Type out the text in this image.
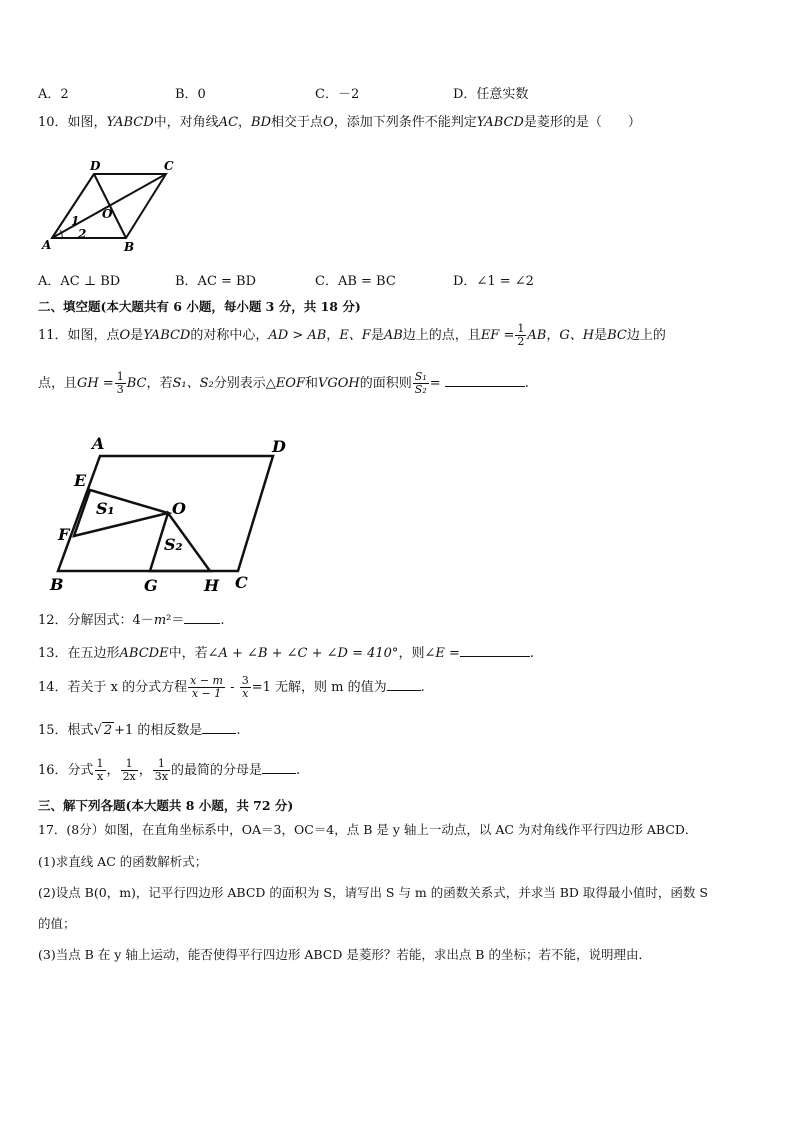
A．2	B．0	C．－2	D．任意实数
10．如图，YABCD中，对角线AC，BD相交于点O，添加下列条件不能判定YABCD是菱形的是（　　）
A	B
C
D
O
1
2
A．AC ⊥ BD	B．AC = BD	C．AB = BC	D．∠1 = ∠2
二、填空题(本大题共有 6 小题，每小题 3 分，共 18 分)
11．如图，点O是YABCD的对称中心，AD > AB，E、F是AB边上的点，且EF = $\frac{1}{2}$ AB，G、H是BC边上的
点，且GH = $\frac{1}{3}$ BC，若S₁、S₂分别表示△EOF和VGOH的面积则 $\frac{\text{S₁}}{\text{S₂}}$ =	.
A	D
E
F
O
S₁
S₂
B	G	H C
12．分解因式：4－m²＝	.
13．在五边形ABCDE中，若∠A + ∠B + ∠C + ∠D = 410°，则∠E =	.
14．若关于 x 的分式方程 $\frac{x - m}{x - 1} - \frac{3}{x} =1$ 无解，则 m 的值为	.
15．根式√ 2 +1 的相反数是	.
16．分式 $\frac{1}{x}$ ， $\frac{1}{2x}$ ， $\frac{1}{3x}$ 的最简的分母是	.
三、解下列各题(本大题共 8 小题，共 72 分)
17．(8分）如图，在直角坐标系中，OA＝3，OC＝4，点 B 是 y 轴上一动点，以 AC 为对角线作平行四边形 ABCD．
(1)求直线 AC 的函数解析式；
(2)设点 B(0，m)，记平行四边形 ABCD 的面积为 S，请写出 S 与 m 的函数关系式，并求当 BD 取得最小值时，函数 S
的值；
(3)当点 B 在 y 轴上运动，能否使得平行四边形 ABCD 是菱形？若能，求出点 B 的坐标；若不能，说明理由．
